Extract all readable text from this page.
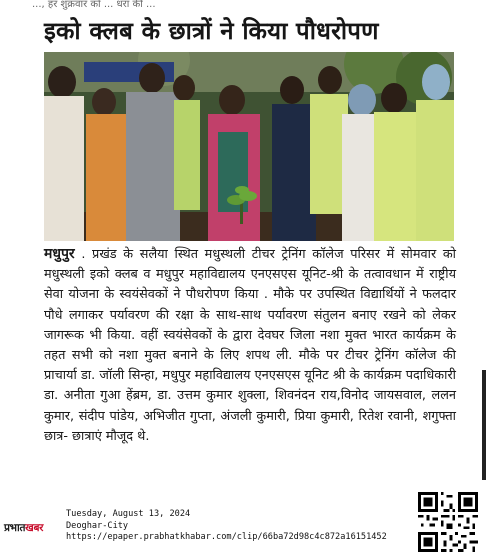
..., हर शुक्रवार को ... धरा की ...
इको क्लब के छात्रों ने किया पौधरोपण

मधुपुर . प्रखंड के सलैया स्थित मधुस्थली टीचर ट्रेनिंग कॉलेज परिसर में सोमवार को मधुस्थली इको क्लब व मधुपुर महाविद्यालय एनएसएस यूनिट-श्री के तत्वावधान में राष्ट्रीय सेवा योजना के स्वयंसेवकों ने पौधरोपण किया . मौके पर उपस्थित विद्यार्थियों ने फलदार पौधे लगाकर पर्यावरण की रक्षा के साथ-साथ पर्यावरण संतुलन बनाए रखने को लेकर जागरूक भी किया. वहीं स्वयंसेवकों के द्वारा देवघर जिला नशा मुक्त भारत कार्यक्रम के तहत सभी को नशा मुक्त बनाने के लिए शपथ ली. मौके पर टीचर ट्रेनिंग कॉलेज की प्राचार्या डा. जॉली सिन्हा, मधुपुर महाविद्यालय एनएसएस यूनिट श्री के कार्यक्रम पदाधिकारी डा. अनीता गुआ हेंब्रम, डा. उत्तम कुमार शुक्ला, शिवनंदन राय,विनोद जायसवाल, ललन कुमार, संदीप पांडेय, अभिजीत गुप्ता, अंजली कुमारी, प्रिया कुमारी, रितेश रवानी, शगुफ्ता छात्र- छात्राएं मौजूद थे.

प्रभातखबर
Tuesday, August 13, 2024
Deoghar-City
https://epaper.prabhatkhabar.com/clip/66ba72d98c4c872a16151452
